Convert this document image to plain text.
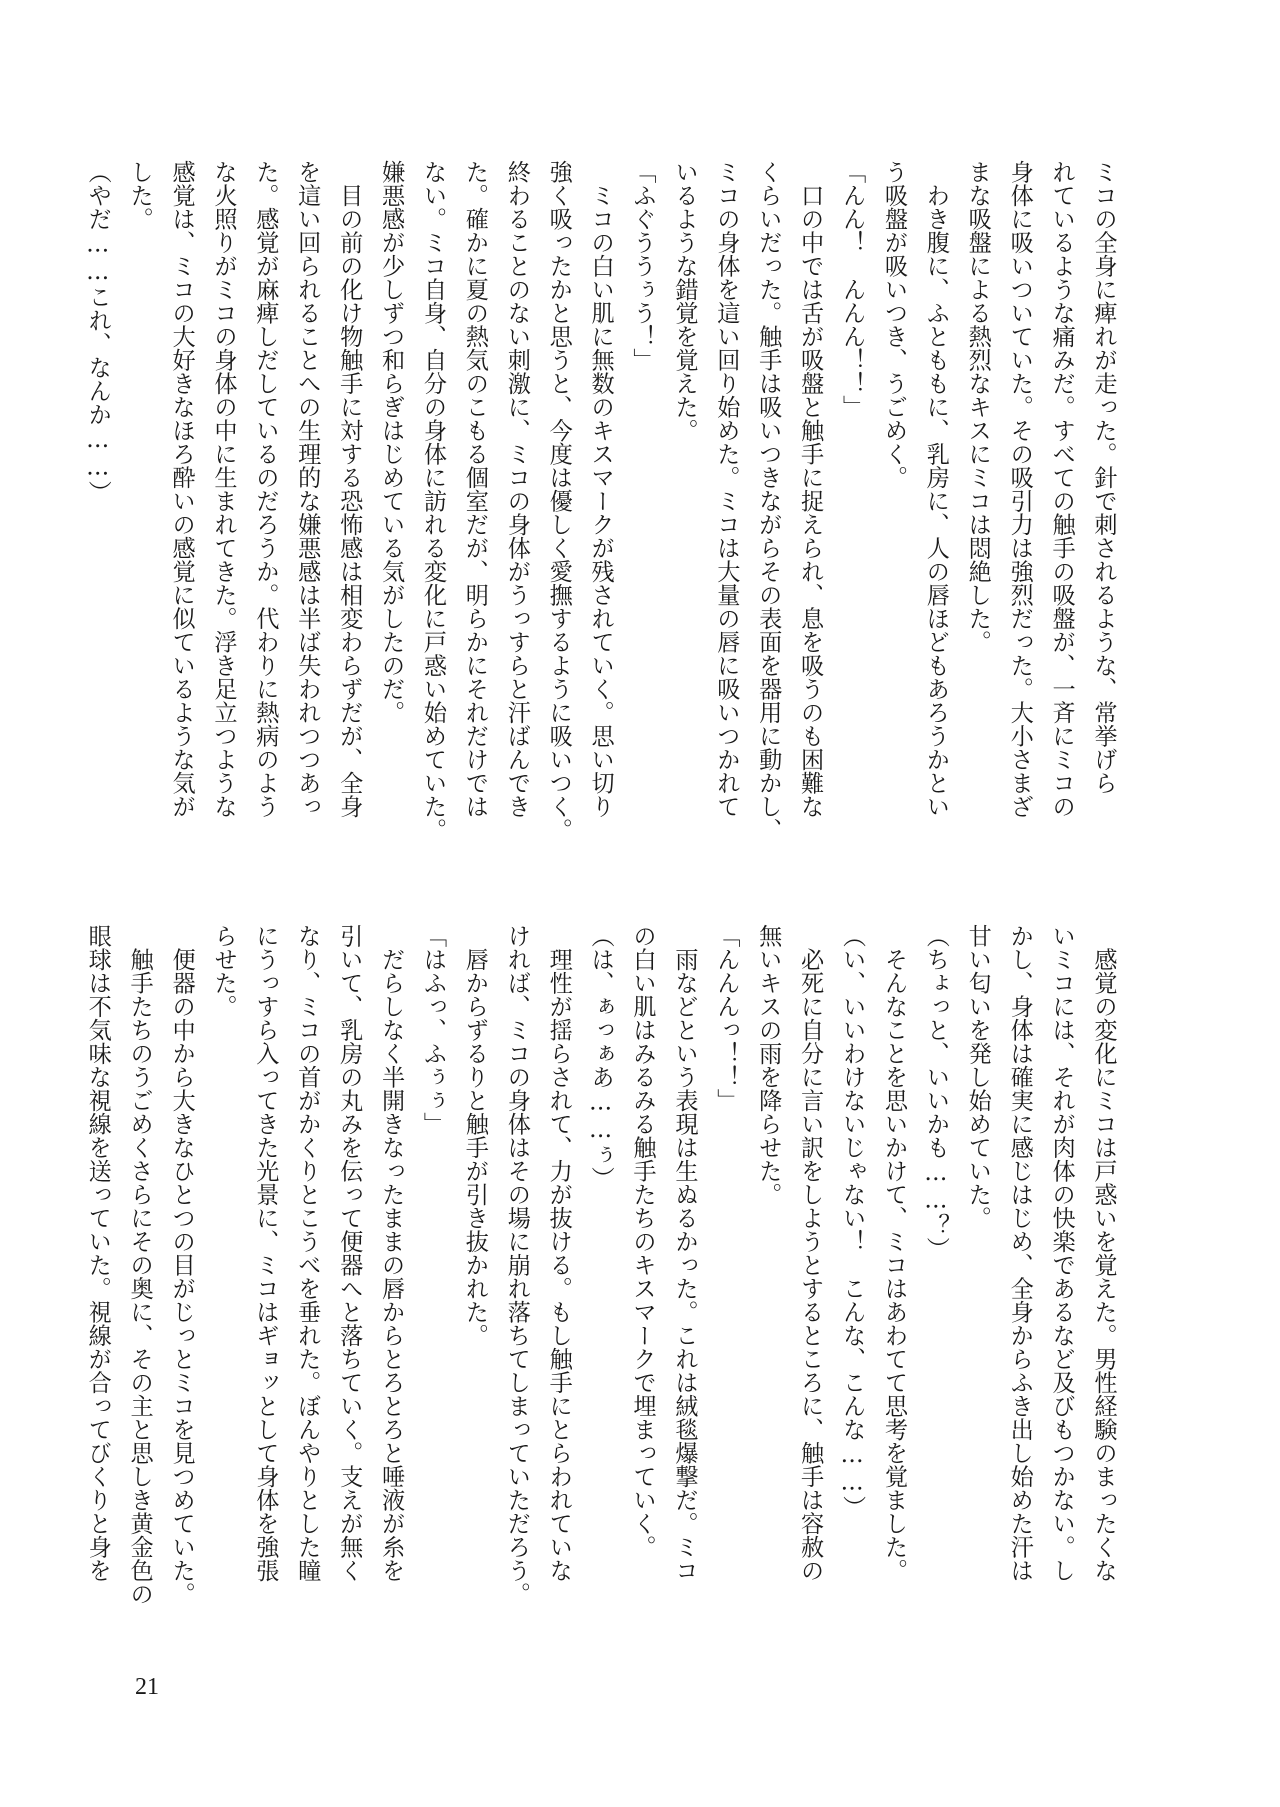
ミコの全身に痺れが走った。針で刺されるような、常挙げら
れているような痛みだ。すべての触手の吸盤が、一斉にミコの
身体に吸いついていた。その吸引力は強烈だった。大小さまざ
まな吸盤による熱烈なキスにミコは悶絶した。
　わき腹に、ふとももに、乳房に、人の唇ほどもあろうかとい
う吸盤が吸いつき、うごめく。
「んん！　んんん！！」
　口の中では舌が吸盤と触手に捉えられ、息を吸うのも困難な
くらいだった。触手は吸いつきながらその表面を器用に動かし、
ミコの身体を這い回り始めた。ミコは大量の唇に吸いつかれて
いるような錯覚を覚えた。
「ふぐううぅう！」
　ミコの白い肌に無数のキスマークが残されていく。思い切り
強く吸ったかと思うと、今度は優しく愛撫するように吸いつく。
終わることのない刺激に、ミコの身体がうっすらと汗ばんでき
た。確かに夏の熱気のこもる個室だが、明らかにそれだけでは
ない。ミコ自身、自分の身体に訪れる変化に戸惑い始めていた。
嫌悪感が少しずつ和らぎはじめている気がしたのだ。
　目の前の化け物触手に対する恐怖感は相変わらずだが、全身
を這い回られることへの生理的な嫌悪感は半ば失われつつあっ
た。感覚が麻痺しだしているのだろうか。代わりに熱病のよう
な火照りがミコの身体の中に生まれてきた。浮き足立つような
感覚は、ミコの大好きなほろ酔いの感覚に似ているような気が
した。
（やだ……これ、なんか……）
　感覚の変化にミコは戸惑いを覚えた。男性経験のまったくな
いミコには、それが肉体の快楽であるなど及びもつかない。し
かし、身体は確実に感じはじめ、全身からふき出し始めた汗は
甘い匂いを発し始めていた。
（ちょっと、いいかも……？）
　そんなことを思いかけて、ミコはあわてて思考を覚ました。
（い、いいわけないじゃない！　こんな、こんな……）
　必死に自分に言い訳をしようとするところに、触手は容赦の
無いキスの雨を降らせた。
「んんんっ！！」
　雨などという表現は生ぬるかった。これは絨毯爆撃だ。ミコ
の白い肌はみるみる触手たちのキスマークで埋まっていく。
（は、ぁっぁあ……ぅ）
　理性が揺らされて、力が抜ける。もし触手にとらわれていな
ければ、ミコの身体はその場に崩れ落ちてしまっていただろう。
　唇からずるりと触手が引き抜かれた。
「はふっ、ふぅぅ」
　だらしなく半開きなったままの唇からとろとろと唾液が糸を
引いて、乳房の丸みを伝って便器へと落ちていく。支えが無く
なり、ミコの首がかくりとこうべを垂れた。ぼんやりとした瞳
にうっすら入ってきた光景に、ミコはギョッとして身体を強張
らせた。
　便器の中から大きなひとつの目がじっとミコを見つめていた。
　触手たちのうごめくさらにその奥に、その主と思しき黄金色の
眼球は不気味な視線を送っていた。視線が合ってびくりと身を
21
